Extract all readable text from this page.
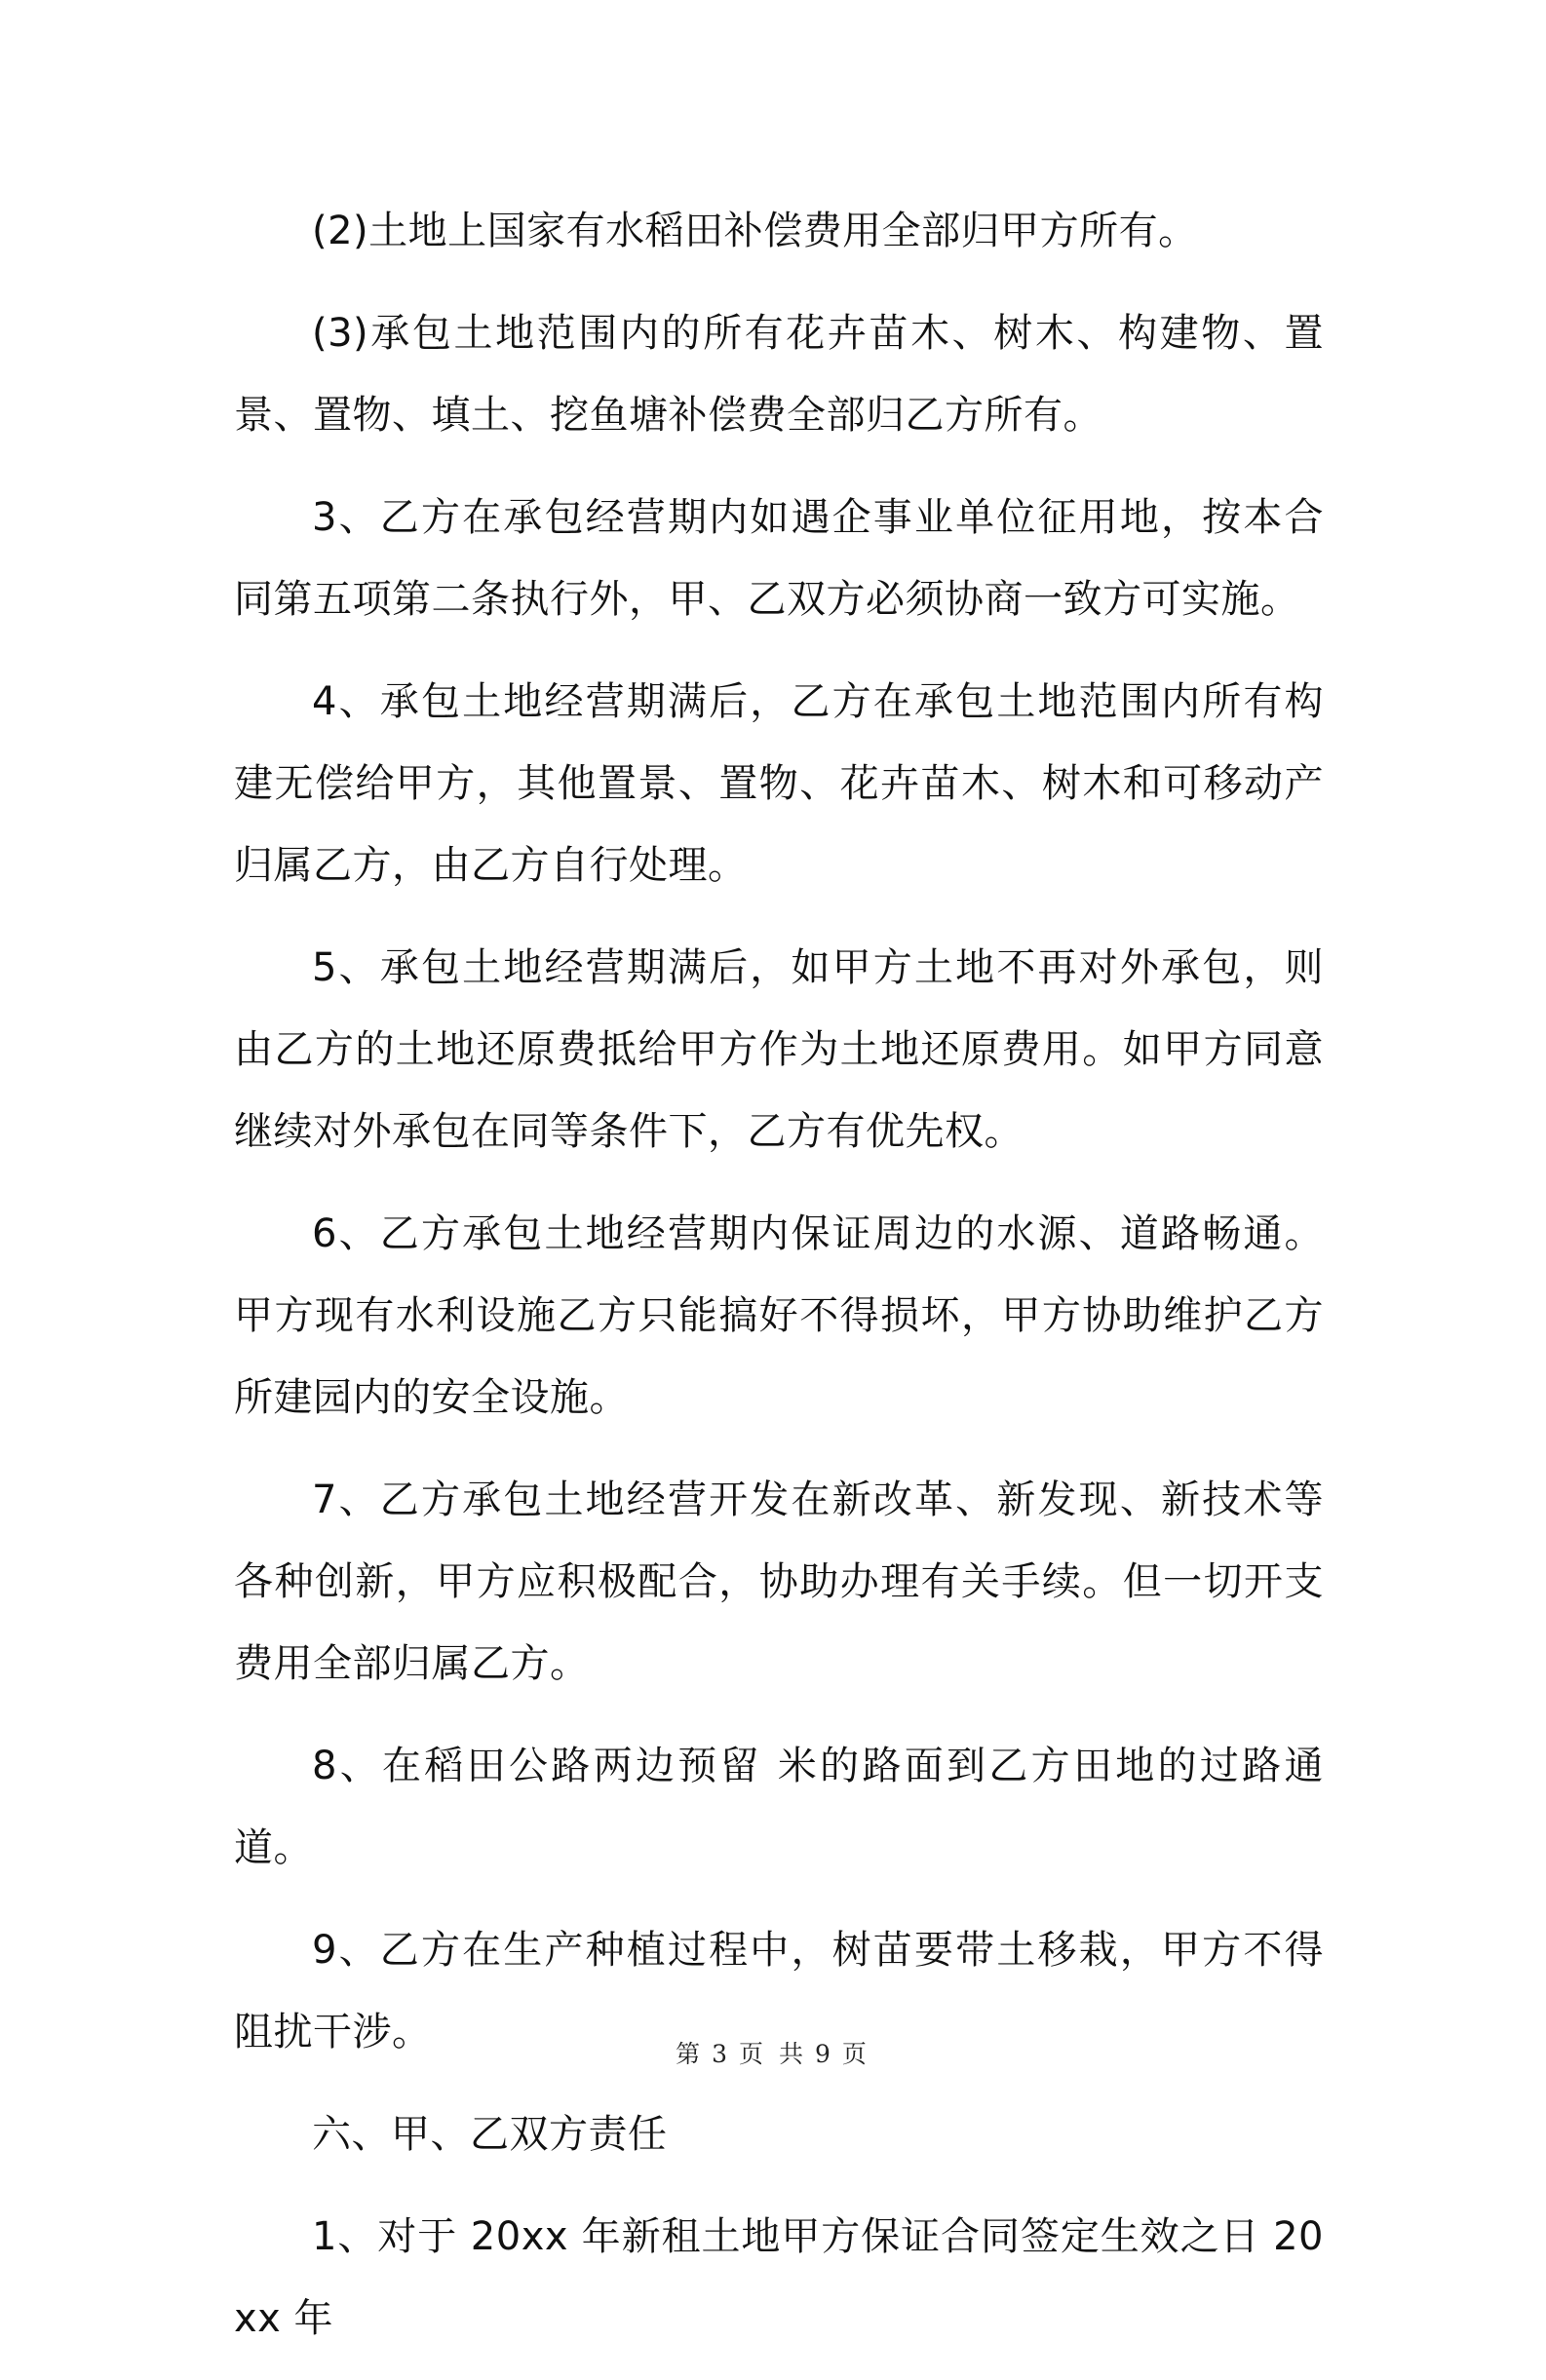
(2)土地上国家有水稻田补偿费用全部归甲方所有。

(3)承包土地范围内的所有花卉苗木、树木、构建物、置景、置物、填土、挖鱼塘补偿费全部归乙方所有。

3、乙方在承包经营期内如遇企事业单位征用地，按本合同第五项第二条执行外，甲、乙双方必须协商一致方可实施。

4、承包土地经营期满后，乙方在承包土地范围内所有构建无偿给甲方，其他置景、置物、花卉苗木、树木和可移动产归属乙方，由乙方自行处理。

5、承包土地经营期满后，如甲方土地不再对外承包，则由乙方的土地还原费抵给甲方作为土地还原费用。如甲方同意继续对外承包在同等条件下，乙方有优先权。

6、乙方承包土地经营期内保证周边的水源、道路畅通。甲方现有水利设施乙方只能搞好不得损坏，甲方协助维护乙方所建园内的安全设施。

7、乙方承包土地经营开发在新改革、新发现、新技术等各种创新，甲方应积极配合，协助办理有关手续。但一切开支费用全部归属乙方。

8、在稻田公路两边预留 米的路面到乙方田地的过路通道。

9、乙方在生产种植过程中，树苗要带土移栽，甲方不得阻扰干涉。

六、甲、乙双方责任

1、对于 20xx 年新租土地甲方保证合同签定生效之日 20xx 年

第 3 页 共 9 页
